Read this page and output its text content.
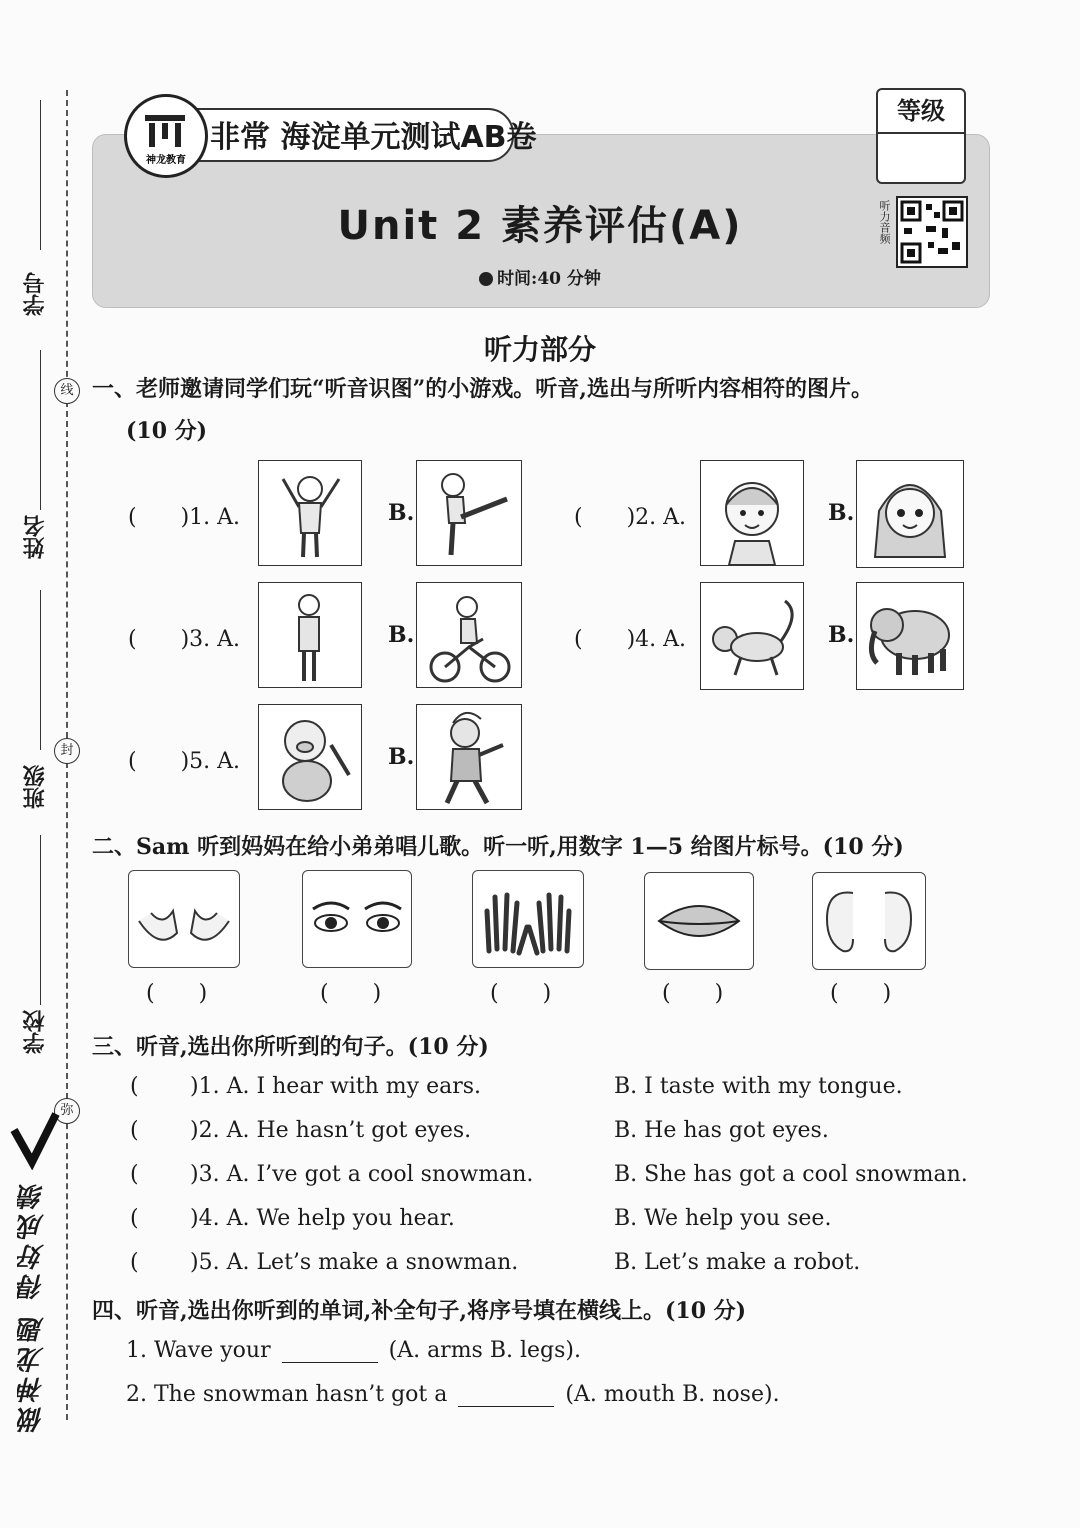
学号
姓名
班级
学校
线
封
弥
做神龙题 得好成绩
神龙教育
非常 海淀单元测试AB卷
等级
Unit 2 素养评估(A)
时间:40 分钟
听力音频
听力部分
一、老师邀请同学们玩“听音识图”的小游戏。听音,选出与所听内容相符的图片。
(10 分)
(　　)1. A.	B.	(　　)2. A.	B.
(　　)3. A.	B.	(　　)4. A.	B.
(　　)5. A.	B.
二、Sam 听到妈妈在给小弟弟唱儿歌。听一听,用数字 1—5 给图片标号。(10 分)
(　　)	(　　)	(　　)	(　　)	(　　)
三、听音,选出你所听到的句子。(10 分)
( )1. A. I hear with my ears.	B. I taste with my tongue.
( )2. A. He hasn’t got eyes.	B. He has got eyes.
( )3. A. I’ve got a cool snowman.	B. She has got a cool snowman.
( )4. A. We help you hear.	B. We help you see.
( )5. A. Let’s make a snowman.	B. Let’s make a robot.
四、听音,选出你听到的单词,补全句子,将序号填在横线上。(10 分)
1. Wave your	(A. arms B. legs).
2. The snowman hasn’t got a	(A. mouth B. nose).
